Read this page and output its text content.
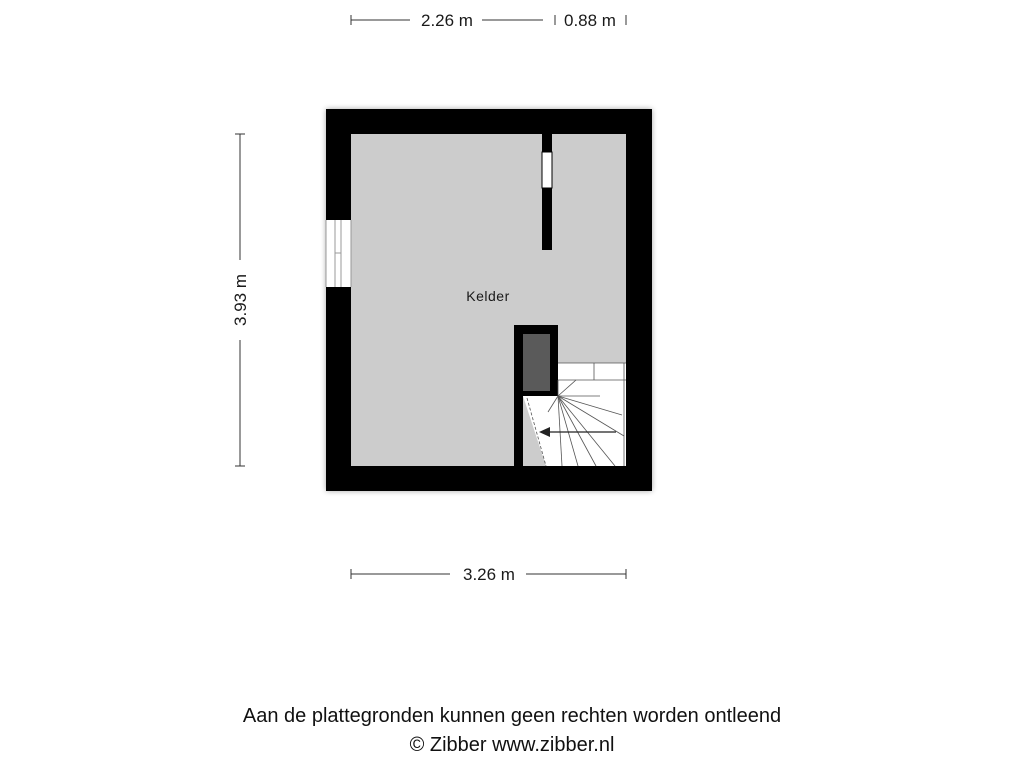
2.26 m	0.88 m
3.93 m
3.26 m
Kelder
Aan de plattegronden kunnen geen rechten worden ontleend
© Zibber www.zibber.nl
